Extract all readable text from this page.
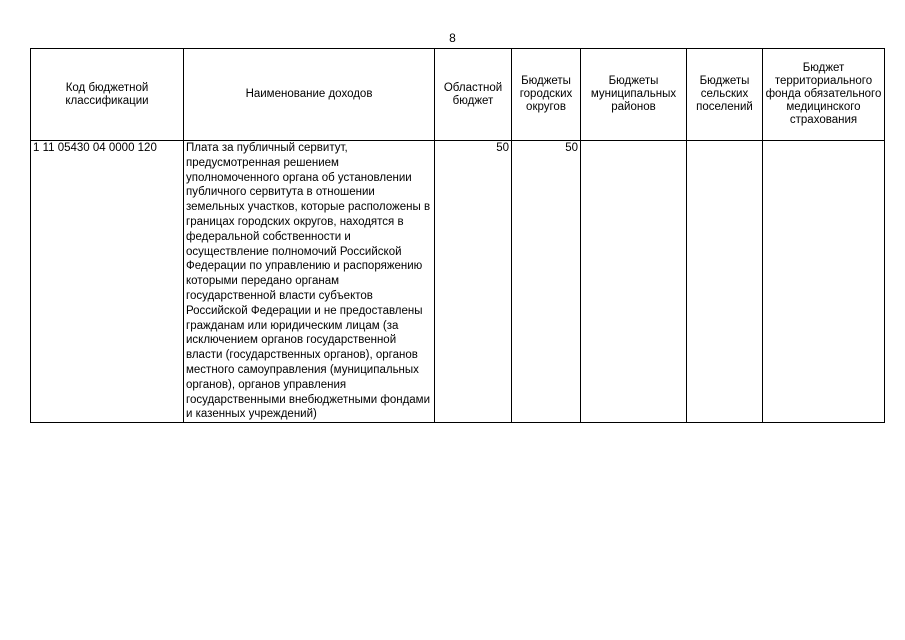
8
Код бюджетной классификации	Наименование доходов	Областной бюджет	Бюджеты городских округов	Бюджеты муниципальных районов	Бюджеты сельских поселений	Бюджет территориального фонда обязательного медицинского страхования
1 11 05430 04 0000 120	Плата за публичный сервитут, предусмотренная решением уполномоченного органа об установлении публичного сервитута в отношении земельных участков, которые расположены в границах городских округов, находятся в федеральной собственности и осуществление полномочий Российской Федерации по управлению и распоряжению которыми передано органам государственной власти субъектов Российской Федерации и не предоставлены гражданам или юридическим лицам (за исключением органов государственной власти (государственных органов), органов местного самоуправления (муниципальных органов), органов управления государственными внебюджетными фондами и казенных учреждений)	50	50			
